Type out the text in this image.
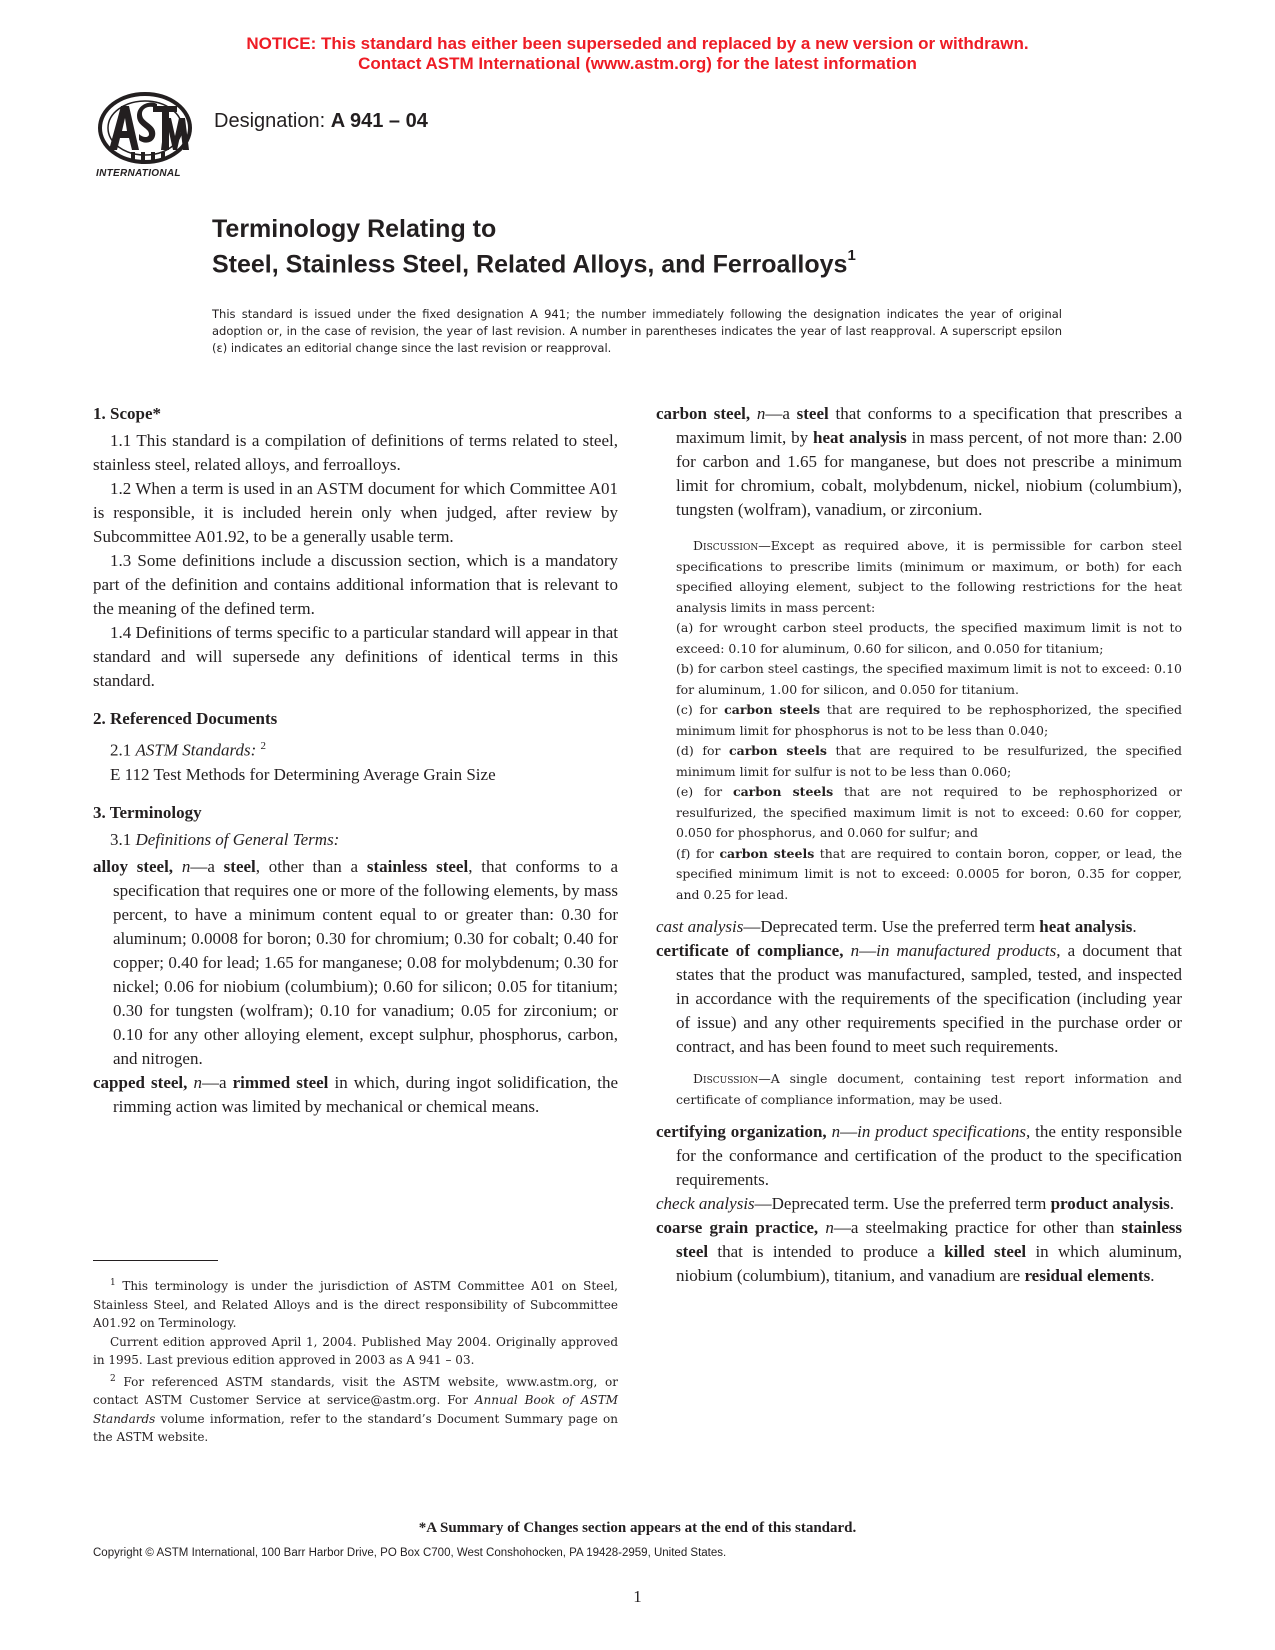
NOTICE: This standard has either been superseded and replaced by a new version or withdrawn.
Contact ASTM International (www.astm.org) for the latest information
INTERNATIONAL
Designation: A 941 – 04
Terminology Relating to
Steel, Stainless Steel, Related Alloys, and Ferroalloys$^1$
This standard is issued under the fixed designation A 941; the number immediately following the designation indicates the year of original adoption or, in the case of revision, the year of last revision. A number in parentheses indicates the year of last reapproval. A superscript epsilon (ε) indicates an editorial change since the last revision or reapproval.
1. Scope*

1.1 This standard is a compilation of definitions of terms related to steel, stainless steel, related alloys, and ferroalloys.

1.2 When a term is used in an ASTM document for which Committee A01 is responsible, it is included herein only when judged, after review by Subcommittee A01.92, to be a generally usable term.

1.3 Some definitions include a discussion section, which is a mandatory part of the definition and contains additional information that is relevant to the meaning of the defined term.

1.4 Definitions of terms specific to a particular standard will appear in that standard and will supersede any definitions of identical terms in this standard.

2. Referenced Documents

2.1 ASTM Standards: $^2$

E 112 Test Methods for Determining Average Grain Size

3. Terminology

3.1 Definitions of General Terms:

alloy steel, n—a steel, other than a stainless steel, that conforms to a specification that requires one or more of the following elements, by mass percent, to have a minimum content equal to or greater than: 0.30 for aluminum; 0.0008 for boron; 0.30 for chromium; 0.30 for cobalt; 0.40 for copper; 0.40 for lead; 1.65 for manganese; 0.08 for molybdenum; 0.30 for nickel; 0.06 for niobium (columbium); 0.60 for silicon; 0.05 for titanium; 0.30 for tungsten (wolfram); 0.10 for vanadium; 0.05 for zirconium; or 0.10 for any other alloying element, except sulphur, phosphorus, carbon, and nitrogen.

capped steel, n—a rimmed steel in which, during ingot solidification, the rimming action was limited by mechanical or chemical means.

$^1$ This terminology is under the jurisdiction of ASTM Committee A01 on Steel, Stainless Steel, and Related Alloys and is the direct responsibility of Subcommittee A01.92 on Terminology.

Current edition approved April 1, 2004. Published May 2004. Originally approved in 1995. Last previous edition approved in 2003 as A 941 – 03.

$^2$ For referenced ASTM standards, visit the ASTM website, www.astm.org, or contact ASTM Customer Service at service@astm.org. For Annual Book of ASTM Standards volume information, refer to the standard’s Document Summary page on the ASTM website.

carbon steel, n—a steel that conforms to a specification that prescribes a maximum limit, by heat analysis in mass percent, of not more than: 2.00 for carbon and 1.65 for manganese, but does not prescribe a minimum limit for chromium, cobalt, molybdenum, nickel, niobium (columbium), tungsten (wolfram), vanadium, or zirconium.

Discussion—Except as required above, it is permissible for carbon steel specifications to prescribe limits (minimum or maximum, or both) for each specified alloying element, subject to the following restrictions for the heat analysis limits in mass percent:

(a) for wrought carbon steel products, the specified maximum limit is not to exceed: 0.10 for aluminum, 0.60 for silicon, and 0.050 for titanium;

(b) for carbon steel castings, the specified maximum limit is not to exceed: 0.10 for aluminum, 1.00 for silicon, and 0.050 for titanium.

(c) for carbon steels that are required to be rephosphorized, the specified minimum limit for phosphorus is not to be less than 0.040;

(d) for carbon steels that are required to be resulfurized, the specified minimum limit for sulfur is not to be less than 0.060;

(e) for carbon steels that are not required to be rephosphorized or resulfurized, the specified maximum limit is not to exceed: 0.60 for copper, 0.050 for phosphorus, and 0.060 for sulfur; and

(f) for carbon steels that are required to contain boron, copper, or lead, the specified minimum limit is not to exceed: 0.0005 for boron, 0.35 for copper, and 0.25 for lead.

cast analysis—Deprecated term. Use the preferred term heat analysis.

certificate of compliance, n—in manufactured products, a document that states that the product was manufactured, sampled, tested, and inspected in accordance with the requirements of the specification (including year of issue) and any other requirements specified in the purchase order or contract, and has been found to meet such requirements.

Discussion—A single document, containing test report information and certificate of compliance information, may be used.

certifying organization, n—in product specifications, the entity responsible for the conformance and certification of the product to the specification requirements.

check analysis—Deprecated term. Use the preferred term product analysis.

coarse grain practice, n—a steelmaking practice for other than stainless steel that is intended to produce a killed steel in which aluminum, niobium (columbium), titanium, and vanadium are residual elements.

*A Summary of Changes section appears at the end of this standard.
Copyright © ASTM International, 100 Barr Harbor Drive, PO Box C700, West Conshohocken, PA 19428-2959, United States.
1
